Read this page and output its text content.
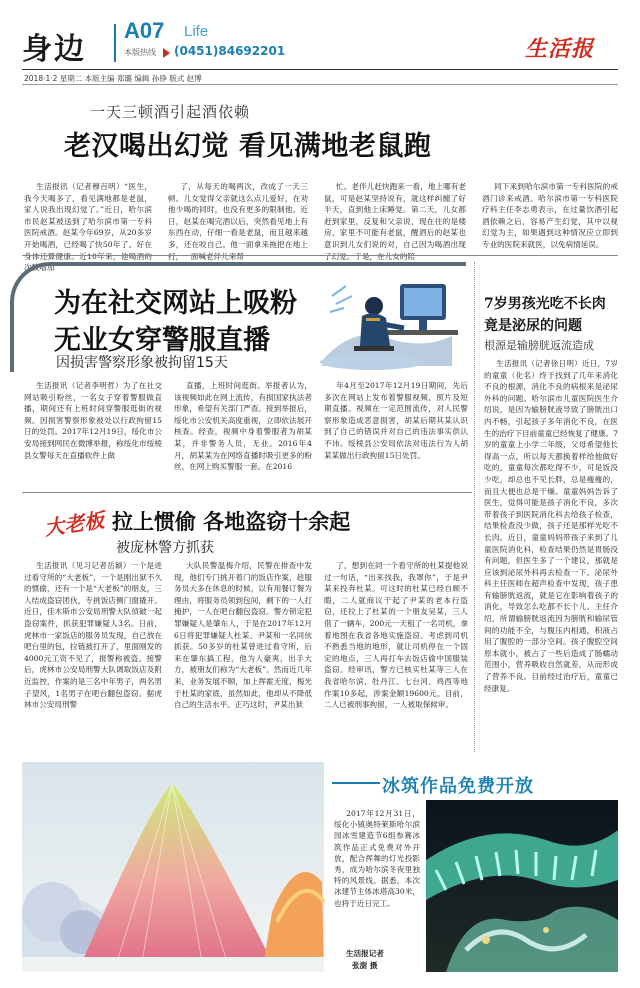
身边
A07 Life
本版热线 (0451)84692201	生活报
2018·1·2 星期二 本版主编 郑璐 编辑 孙铮 版式 赵博
一天三顿酒引起酒依赖
老汉喝出幻觉 看见满地老鼠跑

生活报讯（记者穆百明）“医生，我今天喝多了，看见满地都是老鼠，家人说我出现幻觉了。”近日，哈尔滨市民赵某被送到了哈尔滨市第一专科医院戒酒。赵某今年69岁，从20多岁开始喝酒，已经喝了快50年了。好在身体还算健康。近10年来，他喝酒的次数增加

了，从每天的喝两次，改成了一天三顿。儿女觉得父亲就这么点儿爱好，在劝他少喝的同时，也没有更多的限制他。近日，赵某在喝完酒以后，突然看见地上有东西在动，仔细一看是老鼠，而且越来越多，还在咬自己。他一面拿来拖把在地上打，一面喊老伴儿来帮

忙。老伴儿赶快跑来一看，地上哪有老鼠，可是赵某坚持说有，就这样纠缠了好半天，直到他上床睡觉。第二天，儿女都赶到家里，反复和父亲说，现在住的是楼房，家里不可能有老鼠，醒酒后的赵某也意识到儿女们说的对，自己因为喝酒出现了幻觉。于是，在儿女的陪

同下来到哈尔滨市第一专科医院的戒酒门诊来戒酒。哈尔滨市第一专科医院疗科主任李志勇表示，在过量饮酒引起酒依赖之后，容易产生幻觉，其中以视幻觉为主，如果遇到这种情况应立即到专业的医院来就医，以免病情延误。

为在社交网站上吸粉
无业女穿警服直播
因损害警察形象被拘留15天

生活报讯（记者李明哲）为了在社交网站吸引粉丝，一名女子穿着警服做直播，期间还有上班时间穿警服逛街的视频。因损害警察形象被处以行政拘留15日的处罚。2017年12月19日，绥化市公安局接到网民在微博举报，称绥化市绥棱县女警每天在直播软件上做

直播，上班时间逛街。举报者认为，该视频如此在网上流传，有损国家执法者形象，希望有关部门严查。接到举报后，绥化市公安机关高度重视，立即依法展开核查。经查，视频中身着警服者为胡某某，并非警务人员，无业。2016年4月，胡某某为在网络直播时吸引更多的粉丝，在网上购买警服一套。在2016

年4月至2017年12月19日期间，先后多次在网站上发布着警服视频、照片及短期直播。视频在一定范围流传，对人民警察形象造成恶意损害，胡某后期其某认识到了自己的错误并对自己的违法事实供认不讳。绥棱县公安局依法对违法行为人胡某某做出行政拘留15日处罚。

大老板 拉上惯偷 各地盗窃十余起
被庞林警方抓获

生活报讯（见习记者岳颖）一个是进过看守所的“大老板”，一个是刚出狱不久的惯偷，还有一个是“大老板”的朋友，三人结成盗窃团伙，专挑饭店侧门窗撬开。近日，佳木斯市公安局刑警大队侦破一起盗窃案件，抓获犯罪嫌疑人3名。日前，虎林市一家饭店的服务员发现，自己放在吧台里的包，拉链被打开了，里面刚发的4000元工资不见了，报警称被盗。接警后，虎林市公安局刑警大队调取饭店及附近监控，作案的是三名中年男子，两名男子望风，1名男子在吧台翻包盗窃。据虎林市公安局刑警

大队民警温梅介绍，民警在排查中发现，他们专门挑开着门的饭店作案，趁服务员大多在休息的时候，以有用餐订餐为理由，将服务员领到包间，剩下的一人打掩护，一人在吧台翻包盗窃。警方锁定犯罪嫌疑人是肇东人，于是在2017年12月6日将犯罪嫌疑人杜某、尹某和一名同伙抓获。50多岁的杜某曾进过看守所，后来在肇东搞工程，他为人豪爽，出手大方，被朋友们称为“大老板”。然而近几年来，业务发展不顺，加上挥霍无度，梅光于杜某的家底，虽然如此，他却从不降低自己的生活水平。正巧这时，尹某出狱

了，想到在同一个看守所的杜某提他说过一句话，“出来找我，我罩你”，于是尹某来投奔杜某。可这时的杜某已经自顾不暇，二人就商议干起了尹某的老本行盗窃，还拉上了杜某的一个朋友吴某，三人借了一辆车，200元一天租了一名司机，拿着地图在我省各地实施盗窃。考虑到司机不熟悉当地的地形，就让司机停在一个固定的地点，三人再打车去饭店偷中国服装盗窃。经审讯，警方已核实杜某等三人在我省哈尔滨、牡丹江、七台河、鸡西等地作案10多起，涉案金额19600元。目前，二人已被刑事拘留，一人被取保候审。

7岁男孩光吃不长肉
竟是泌尿的问题
根源是输膀胱返流造成

生活报讯（记者徐日明）近日，7岁的童童（化名）终于找到了几年来消化不良的根源，消化不良的病根来是泌尿外科的问题。哈尔滨市儿童医院医生介绍说，是因为输膀胱液导致了膀胱出口内不畅，引起孩子多年消化不良，在医生的治疗下目前童童已经恢复了健康。7岁的童童上小学二年级，父母希望他长得高一点，所以每天都换着样给他做好吃的，童童每次都吃得不少，可是饭没少吃，却总也不见长胖，总是瘦瘦的，而且大便也总是干燥。童童妈妈告诉了医生，觉得可能是孩子消化不良，多次带着孩子到医院消化科去给孩子检查，结果检查没少做，孩子还是那样光吃不长肉。近日，童童妈妈带孩子来到了儿童医院消化科，检查结果仍然是胃肠没有问题，但医生多了一个建议，那就是应该到泌尿外科再去检查一下。泌尿外科主任医师在超声检查中发现，孩子患有输膀胱返流，就是它在影响着孩子的消化，导致怎么吃都不长个儿。主任介绍，所谓输膀胱返流因为膀胱和输尿管间的功能不全，与腹压内相通，积液占用了腹腔的一部分空间。孩子腹腔空间原本就小，被占了一些后造成了肠蠕动范围小，营养吸收自然就差，从而形成了营养不良。目前经过治疗后，童童已经康复。

冰筑作品免费开放
2017年12月31日，绥化小镇奥特莱斯哈尔滨园冰雪建造节6组参赛冰筑作品正式免费对外开放，配合挥舞的灯光投影秀，成为哈尔滨冬夜里独特的风景线。据悉，本次冰建节主体冰塔高30米，也将于近日完工。
生活报记者
张澍 摄
